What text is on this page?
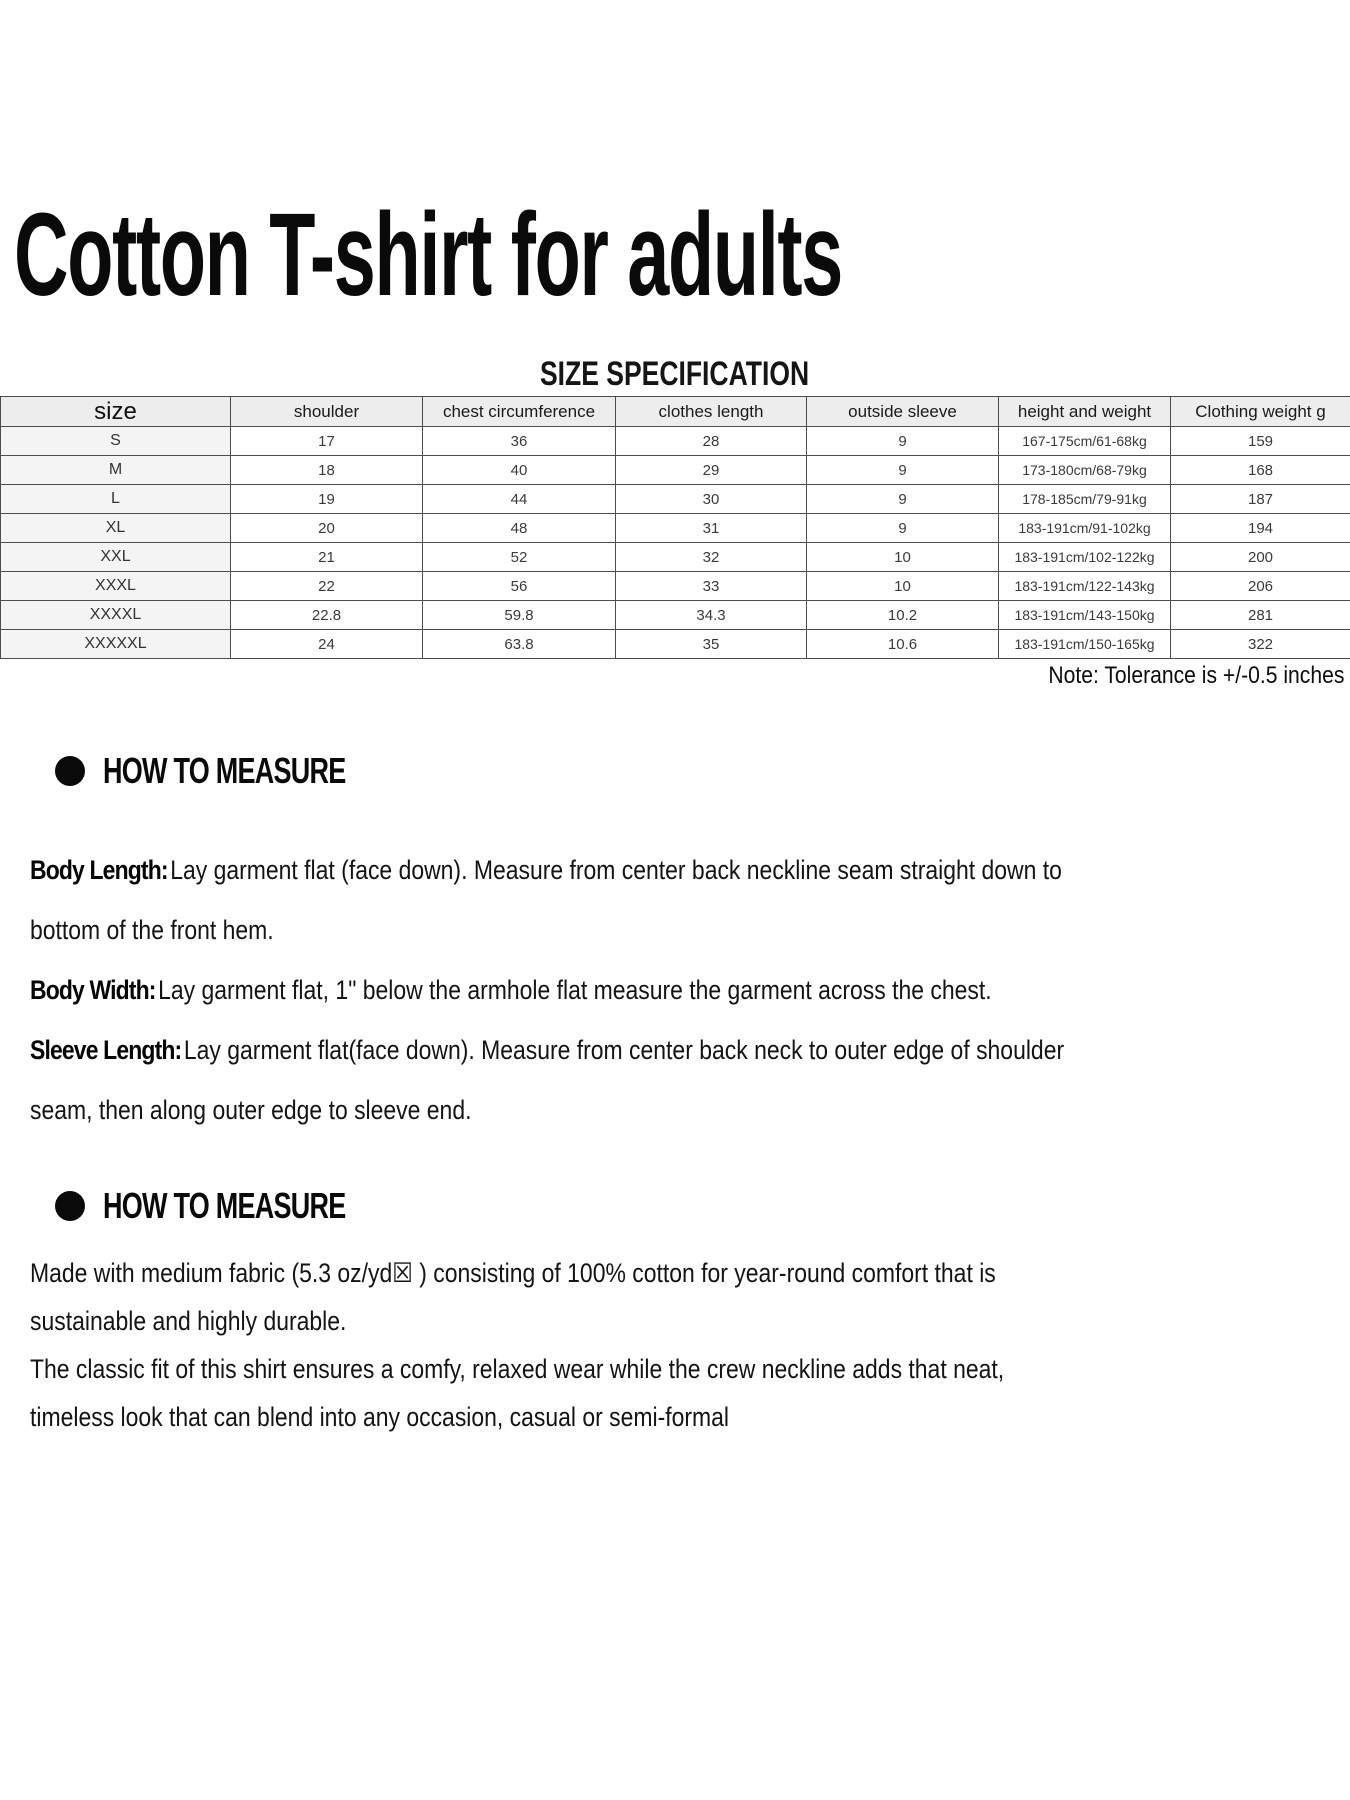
Cotton T-shirt for adults
SIZE SPECIFICATION
size	shoulder	chest circumference	clothes length	outside sleeve	height and weight	Clothing weight g
S	17	36	28	9	167-175cm/61-68kg	159
M	18	40	29	9	173-180cm/68-79kg	168
L	19	44	30	9	178-185cm/79-91kg	187
XL	20	48	31	9	183-191cm/91-102kg	194
XXL	21	52	32	10	183-191cm/102-122kg	200
XXXL	22	56	33	10	183-191cm/122-143kg	206
XXXXL	22.8	59.8	34.3	10.2	183-191cm/143-150kg	281
XXXXXL	24	63.8	35	10.6	183-191cm/150-165kg	322
Note: Tolerance is +/-0.5 inches
HOW TO MEASURE
Body Length:Lay garment flat (face down). Measure from center back neckline seam straight down to
bottom of the front hem.
Body Width:Lay garment flat, 1" below the armhole flat measure the garment across the chest.
Sleeve Length:Lay garment flat(face down). Measure from center back neck to outer edge of shoulder
seam, then along outer edge to sleeve end.
HOW TO MEASURE
Made with medium fabric (5.3 oz/yd☒ ) consisting of 100% cotton for year-round comfort that is
sustainable and highly durable.
The classic fit of this shirt ensures a comfy, relaxed wear while the crew neckline adds that neat,
timeless look that can blend into any occasion, casual or semi-formal
